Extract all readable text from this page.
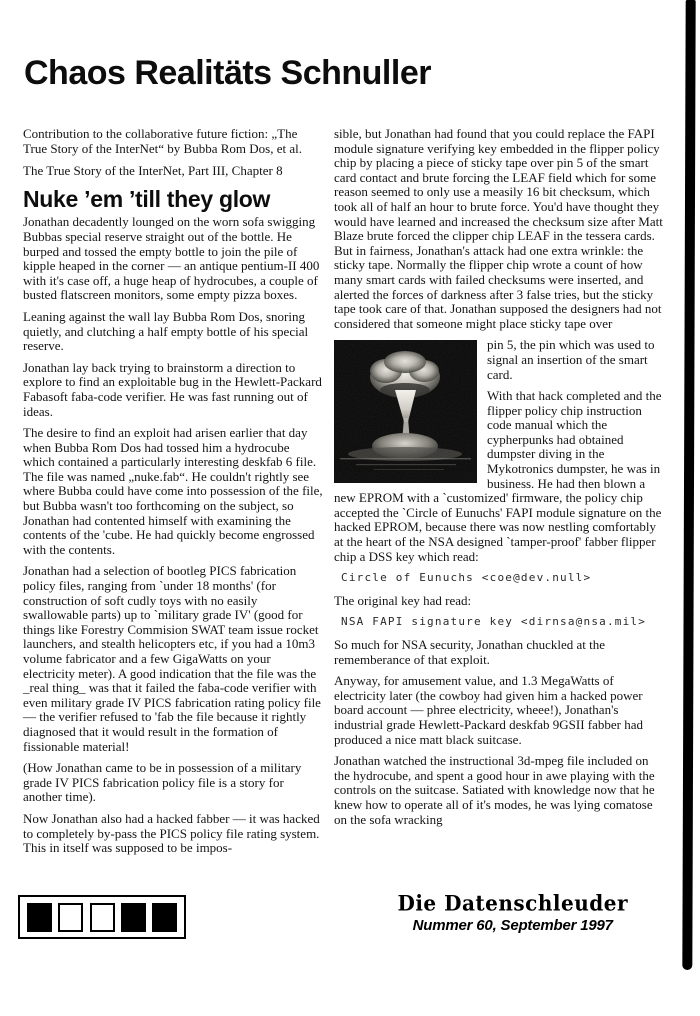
Chaos Realitäts Schnuller

Contribution to the collaborative future fiction: „The True Story of the InterNet“ by Bubba Rom Dos, et al.

The True Story of the InterNet, Part III, Chapter 8

Nuke ’em ’till they glow

Jonathan decadently lounged on the worn sofa swigging Bubbas special reserve straight out of the bottle. He burped and tossed the empty bottle to join the pile of kipple heaped in the corner — an antique pentium-II 400 with it's case off, a huge heap of hydrocubes, a couple of busted flatscreen monitors, some empty pizza boxes.

Leaning against the wall lay Bubba Rom Dos, snoring quietly, and clutching a half empty bottle of his special reserve.

Jonathan lay back trying to brainstorm a direction to explore to find an exploitable bug in the Hewlett-Packard Fabasoft faba-code verifier. He was fast running out of ideas.

The desire to find an exploit had arisen earlier that day when Bubba Rom Dos had tossed him a hydrocube which contained a particularly interesting deskfab 6 file. The file was named „nuke.fab“. He couldn't rightly see where Bubba could have come into possession of the file, but Bubba wasn't too forthcoming on the subject, so Jonathan had contented himself with examining the contents of the 'cube. He had quickly become engrossed with the contents.

Jonathan had a selection of bootleg PICS fabrication policy files, ranging from `under 18 months' (for construction of soft cudly toys with no easily swallowable parts) up to `military grade IV' (good for things like Forestry Commision SWAT team issue rocket launchers, and stealth helicopters etc, if you had a 10m3 volume fabricator and a few GigaWatts on your electricity meter). A good indication that the file was the _real thing_ was that it failed the faba-code verifier with even military grade IV PICS fabrication rating policy file — the verifier refused to 'fab the file because it rightly diagnosed that it would result in the formation of fissionable material!

(How Jonathan came to be in possession of a military grade IV PICS fabrication policy file is a story for another time).

Now Jonathan also had a hacked fabber — it was hacked to completely by-pass the PICS policy file rating system. This in itself was supposed to be impos-

sible, but Jonathan had found that you could replace the FAPI module signature verifying key embedded in the flipper policy chip by placing a piece of sticky tape over pin 5 of the smart card contact and brute forcing the LEAF field which for some reason seemed to only use a measily 16 bit checksum, which took all of half an hour to brute force. You'd have thought they would have learned and increased the checksum size after Matt Blaze brute forced the clipper chip LEAF in the tessera cards. But in fairness, Jonathan's attack had one extra wrinkle: the sticky tape. Normally the flipper chip wrote a count of how many smart cards with failed checksums were inserted, and alerted the forces of darkness after 3 false tries, but the sticky tape took care of that. Jonathan supposed the designers had not considered that someone might place sticky tape over

pin 5, the pin which was used to signal an insertion of the smart card.

With that hack completed and the flipper policy chip instruction code manual which the cypherpunks had obtained dumpster diving in the Mykotronics dumpster, he was in business. He had then blown a new EPROM with a `customized' firmware, the policy chip accepted the `Circle of Eunuchs' FAPI module signature on the hacked EPROM, because there was now nestling comfortably at the heart of the NSA designed `tamper-proof' fabber flipper chip a DSS key which read:

Circle of Eunuchs <coe@dev.null>

The original key had read:

NSA FAPI signature key <dirnsa@nsa.mil>

So much for NSA security, Jonathan chuckled at the rememberance of that exploit.

Anyway, for amusement value, and 1.3 MegaWatts of electricity later (the cowboy had given him a hacked power board account — phree electricity, wheee!), Jonathan's industrial grade Hewlett-Packard deskfab 9GSII fabber had produced a nice matt black suitcase.

Jonathan watched the instructional 3d-mpeg file included on the hydrocube, and spent a good hour in awe playing with the controls on the suitcase. Satiated with knowledge now that he knew how to operate all of it's modes, he was lying comatose on the sofa wracking

Die Datenschleuder
Nummer 60, September 1997
